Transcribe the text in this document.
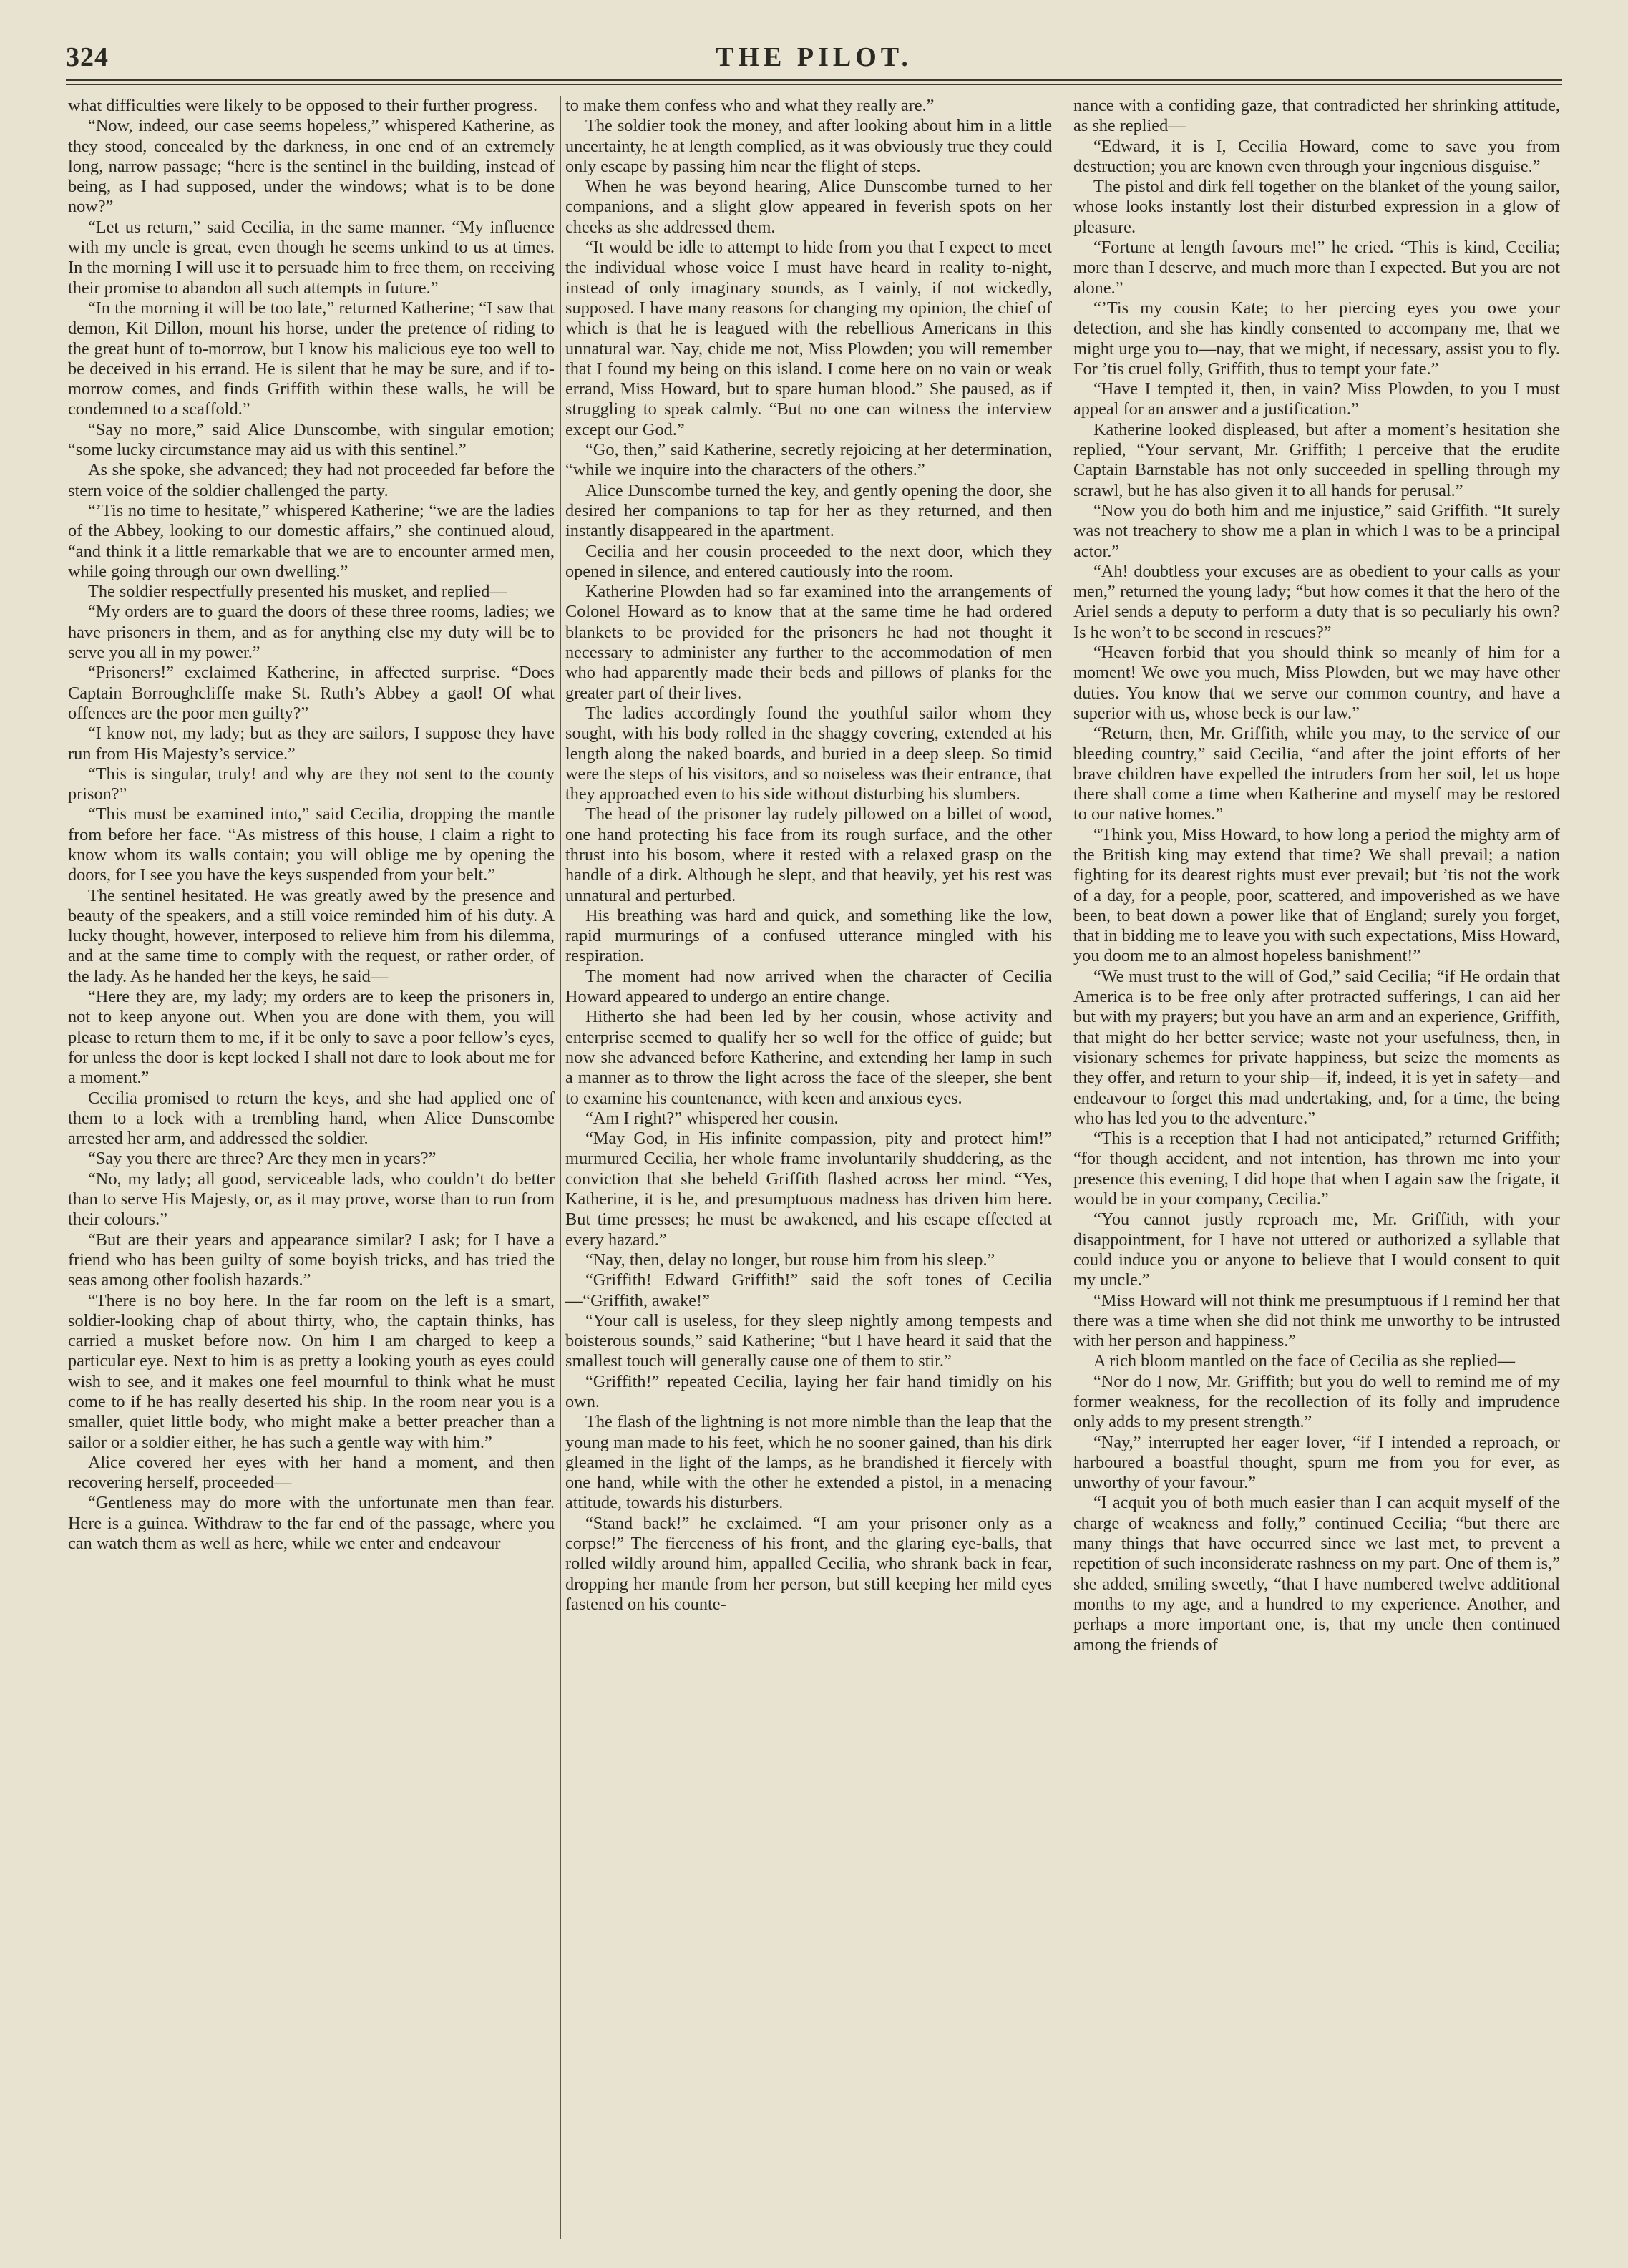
324	THE PILOT.

what difficulties were likely to be opposed to their further progress.

“Now, indeed, our case seems hopeless,” whispered Katherine, as they stood, concealed by the darkness, in one end of an extremely long, narrow passage; “here is the sentinel in the building, instead of being, as I had supposed, under the windows; what is to be done now?”

“Let us return,” said Cecilia, in the same manner. “My influence with my uncle is great, even though he seems unkind to us at times. In the morning I will use it to persuade him to free them, on receiving their promise to abandon all such attempts in future.”

“In the morning it will be too late,” returned Katherine; “I saw that demon, Kit Dillon, mount his horse, under the pretence of riding to the great hunt of to-morrow, but I know his malicious eye too well to be deceived in his errand. He is silent that he may be sure, and if to-morrow comes, and finds Griffith within these walls, he will be condemned to a scaffold.”

“Say no more,” said Alice Dunscombe, with singular emotion; “some lucky circumstance may aid us with this sentinel.”

As she spoke, she advanced; they had not proceeded far before the stern voice of the soldier challenged the party.

“’Tis no time to hesitate,” whispered Katherine; “we are the ladies of the Abbey, looking to our domestic affairs,” she continued aloud, “and think it a little remarkable that we are to encounter armed men, while going through our own dwelling.”

The soldier respectfully presented his musket, and replied—

“My orders are to guard the doors of these three rooms, ladies; we have prisoners in them, and as for anything else my duty will be to serve you all in my power.”

“Prisoners!” exclaimed Katherine, in affected surprise. “Does Captain Borroughcliffe make St. Ruth’s Abbey a gaol! Of what offences are the poor men guilty?”

“I know not, my lady; but as they are sailors, I suppose they have run from His Majesty’s service.”

“This is singular, truly! and why are they not sent to the county prison?”

“This must be examined into,” said Cecilia, dropping the mantle from before her face. “As mistress of this house, I claim a right to know whom its walls contain; you will oblige me by opening the doors, for I see you have the keys suspended from your belt.”

The sentinel hesitated. He was greatly awed by the presence and beauty of the speakers, and a still voice reminded him of his duty. A lucky thought, however, interposed to relieve him from his dilemma, and at the same time to comply with the request, or rather order, of the lady. As he handed her the keys, he said—

“Here they are, my lady; my orders are to keep the prisoners in, not to keep anyone out. When you are done with them, you will please to return them to me, if it be only to save a poor fellow’s eyes, for unless the door is kept locked I shall not dare to look about me for a moment.”

Cecilia promised to return the keys, and she had applied one of them to a lock with a trembling hand, when Alice Dunscombe arrested her arm, and addressed the soldier.

“Say you there are three? Are they men in years?”

“No, my lady; all good, serviceable lads, who couldn’t do better than to serve His Majesty, or, as it may prove, worse than to run from their colours.”

“But are their years and appearance similar? I ask; for I have a friend who has been guilty of some boyish tricks, and has tried the seas among other foolish hazards.”

“There is no boy here. In the far room on the left is a smart, soldier-looking chap of about thirty, who, the captain thinks, has carried a musket before now. On him I am charged to keep a particular eye. Next to him is as pretty a looking youth as eyes could wish to see, and it makes one feel mournful to think what he must come to if he has really deserted his ship. In the room near you is a smaller, quiet little body, who might make a better preacher than a sailor or a soldier either, he has such a gentle way with him.”

Alice covered her eyes with her hand a moment, and then recovering herself, proceeded—

“Gentleness may do more with the unfortunate men than fear. Here is a guinea. Withdraw to the far end of the passage, where you can watch them as well as here, while we enter and endeavour

to make them confess who and what they really are.”

The soldier took the money, and after looking about him in a little uncertainty, he at length complied, as it was obviously true they could only escape by passing him near the flight of steps.

When he was beyond hearing, Alice Dunscombe turned to her companions, and a slight glow appeared in feverish spots on her cheeks as she addressed them.

“It would be idle to attempt to hide from you that I expect to meet the individual whose voice I must have heard in reality to-night, instead of only imaginary sounds, as I vainly, if not wickedly, supposed. I have many reasons for changing my opinion, the chief of which is that he is leagued with the rebellious Americans in this unnatural war. Nay, chide me not, Miss Plowden; you will remember that I found my being on this island. I come here on no vain or weak errand, Miss Howard, but to spare human blood.” She paused, as if struggling to speak calmly. “But no one can witness the interview except our God.”

“Go, then,” said Katherine, secretly rejoicing at her determination, “while we inquire into the characters of the others.”

Alice Dunscombe turned the key, and gently opening the door, she desired her companions to tap for her as they returned, and then instantly disappeared in the apartment.

Cecilia and her cousin proceeded to the next door, which they opened in silence, and entered cautiously into the room.

Katherine Plowden had so far examined into the arrangements of Colonel Howard as to know that at the same time he had ordered blankets to be provided for the prisoners he had not thought it necessary to administer any further to the accommodation of men who had apparently made their beds and pillows of planks for the greater part of their lives.

The ladies accordingly found the youthful sailor whom they sought, with his body rolled in the shaggy covering, extended at his length along the naked boards, and buried in a deep sleep. So timid were the steps of his visitors, and so noiseless was their entrance, that they approached even to his side without disturbing his slumbers.

The head of the prisoner lay rudely pillowed on a billet of wood, one hand protecting his face from its rough surface, and the other thrust into his bosom, where it rested with a relaxed grasp on the handle of a dirk. Although he slept, and that heavily, yet his rest was unnatural and perturbed.

His breathing was hard and quick, and something like the low, rapid murmurings of a confused utterance mingled with his respiration.

The moment had now arrived when the character of Cecilia Howard appeared to undergo an entire change.

Hitherto she had been led by her cousin, whose activity and enterprise seemed to qualify her so well for the office of guide; but now she advanced before Katherine, and extending her lamp in such a manner as to throw the light across the face of the sleeper, she bent to examine his countenance, with keen and anxious eyes.

“Am I right?” whispered her cousin.

“May God, in His infinite compassion, pity and protect him!” murmured Cecilia, her whole frame involuntarily shuddering, as the conviction that she beheld Griffith flashed across her mind. “Yes, Katherine, it is he, and presumptuous madness has driven him here. But time presses; he must be awakened, and his escape effected at every hazard.”

“Nay, then, delay no longer, but rouse him from his sleep.”

“Griffith! Edward Griffith!” said the soft tones of Cecilia—“Griffith, awake!”

“Your call is useless, for they sleep nightly among tempests and boisterous sounds,” said Katherine; “but I have heard it said that the smallest touch will generally cause one of them to stir.”

“Griffith!” repeated Cecilia, laying her fair hand timidly on his own.

The flash of the lightning is not more nimble than the leap that the young man made to his feet, which he no sooner gained, than his dirk gleamed in the light of the lamps, as he brandished it fiercely with one hand, while with the other he extended a pistol, in a menacing attitude, towards his disturbers.

“Stand back!” he exclaimed. “I am your prisoner only as a corpse!” The fierceness of his front, and the glaring eye-balls, that rolled wildly around him, appalled Cecilia, who shrank back in fear, dropping her mantle from her person, but still keeping her mild eyes fastened on his counte-

nance with a confiding gaze, that contradicted her shrinking attitude, as she replied—

“Edward, it is I, Cecilia Howard, come to save you from destruction; you are known even through your ingenious disguise.”

The pistol and dirk fell together on the blanket of the young sailor, whose looks instantly lost their disturbed expression in a glow of pleasure.

“Fortune at length favours me!” he cried. “This is kind, Cecilia; more than I deserve, and much more than I expected. But you are not alone.”

“’Tis my cousin Kate; to her piercing eyes you owe your detection, and she has kindly consented to accompany me, that we might urge you to—nay, that we might, if necessary, assist you to fly. For ’tis cruel folly, Griffith, thus to tempt your fate.”

“Have I tempted it, then, in vain? Miss Plowden, to you I must appeal for an answer and a justification.”

Katherine looked displeased, but after a moment’s hesitation she replied, “Your servant, Mr. Griffith; I perceive that the erudite Captain Barnstable has not only succeeded in spelling through my scrawl, but he has also given it to all hands for perusal.”

“Now you do both him and me injustice,” said Griffith. “It surely was not treachery to show me a plan in which I was to be a principal actor.”

“Ah! doubtless your excuses are as obedient to your calls as your men,” returned the young lady; “but how comes it that the hero of the Ariel sends a deputy to perform a duty that is so peculiarly his own? Is he won’t to be second in rescues?”

“Heaven forbid that you should think so meanly of him for a moment! We owe you much, Miss Plowden, but we may have other duties. You know that we serve our common country, and have a superior with us, whose beck is our law.”

“Return, then, Mr. Griffith, while you may, to the service of our bleeding country,” said Cecilia, “and after the joint efforts of her brave children have expelled the intruders from her soil, let us hope there shall come a time when Katherine and myself may be restored to our native homes.”

“Think you, Miss Howard, to how long a period the mighty arm of the British king may extend that time? We shall prevail; a nation fighting for its dearest rights must ever prevail; but ’tis not the work of a day, for a people, poor, scattered, and impoverished as we have been, to beat down a power like that of England; surely you forget, that in bidding me to leave you with such expectations, Miss Howard, you doom me to an almost hopeless banishment!”

“We must trust to the will of God,” said Cecilia; “if He ordain that America is to be free only after protracted sufferings, I can aid her but with my prayers; but you have an arm and an experience, Griffith, that might do her better service; waste not your usefulness, then, in visionary schemes for private happiness, but seize the moments as they offer, and return to your ship—if, indeed, it is yet in safety—and endeavour to forget this mad undertaking, and, for a time, the being who has led you to the adventure.”

“This is a reception that I had not anticipated,” returned Griffith; “for though accident, and not intention, has thrown me into your presence this evening, I did hope that when I again saw the frigate, it would be in your company, Cecilia.”

“You cannot justly reproach me, Mr. Griffith, with your disappointment, for I have not uttered or authorized a syllable that could induce you or anyone to believe that I would consent to quit my uncle.”

“Miss Howard will not think me presumptuous if I remind her that there was a time when she did not think me unworthy to be intrusted with her person and happiness.”

A rich bloom mantled on the face of Cecilia as she replied—

“Nor do I now, Mr. Griffith; but you do well to remind me of my former weakness, for the recollection of its folly and imprudence only adds to my present strength.”

“Nay,” interrupted her eager lover, “if I intended a reproach, or harboured a boastful thought, spurn me from you for ever, as unworthy of your favour.”

“I acquit you of both much easier than I can acquit myself of the charge of weakness and folly,” continued Cecilia; “but there are many things that have occurred since we last met, to prevent a repetition of such inconsiderate rashness on my part. One of them is,” she added, smiling sweetly, “that I have numbered twelve additional months to my age, and a hundred to my experience. Another, and perhaps a more important one, is, that my uncle then continued among the friends of
